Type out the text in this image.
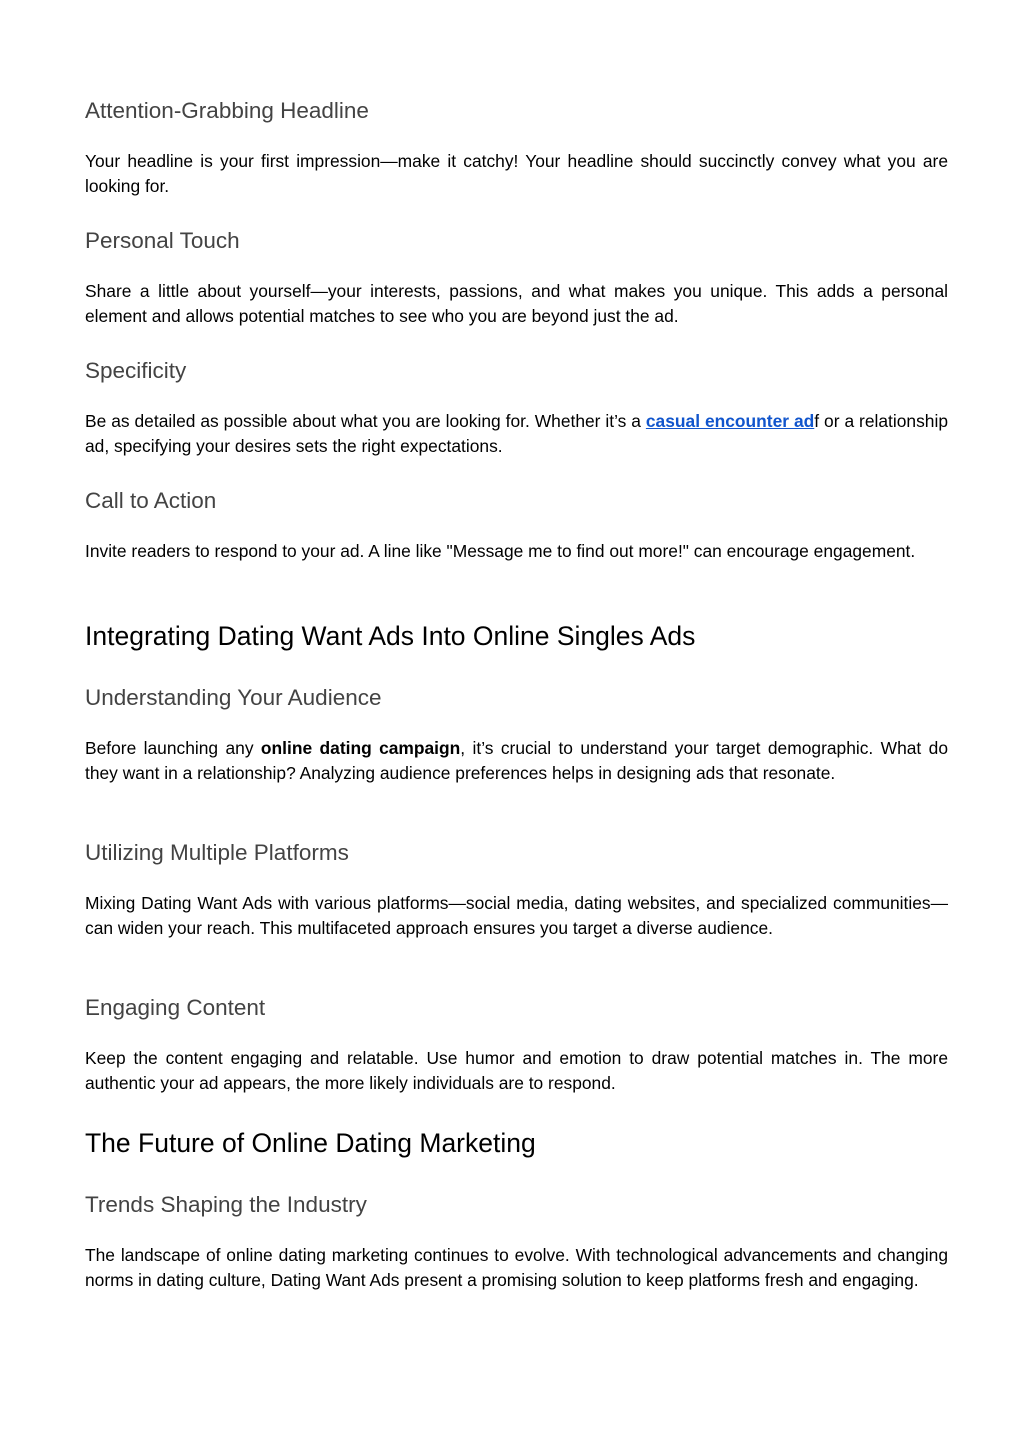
Attention-Grabbing Headline

Your headline is your first impression—make it catchy! Your headline should succinctly convey what you are looking for.

Personal Touch

Share a little about yourself—your interests, passions, and what makes you unique. This adds a personal element and allows potential matches to see who you are beyond just the ad.

Specificity

Be as detailed as possible about what you are looking for. Whether it’s a casual encounter adf or a relationship ad, specifying your desires sets the right expectations.

Call to Action

Invite readers to respond to your ad. A line like "Message me to find out more!" can encourage engagement.

Integrating Dating Want Ads Into Online Singles Ads
Understanding Your Audience

Before launching any online dating campaign, it’s crucial to understand your target demographic. What do they want in a relationship? Analyzing audience preferences helps in designing ads that resonate.

Utilizing Multiple Platforms

Mixing Dating Want Ads with various platforms—social media, dating websites, and specialized communities—can widen your reach. This multifaceted approach ensures you target a diverse audience.

Engaging Content

Keep the content engaging and relatable. Use humor and emotion to draw potential matches in. The more authentic your ad appears, the more likely individuals are to respond.

The Future of Online Dating Marketing
Trends Shaping the Industry

The landscape of online dating marketing continues to evolve. With technological advancements and changing norms in dating culture, Dating Want Ads present a promising solution to keep platforms fresh and engaging.
